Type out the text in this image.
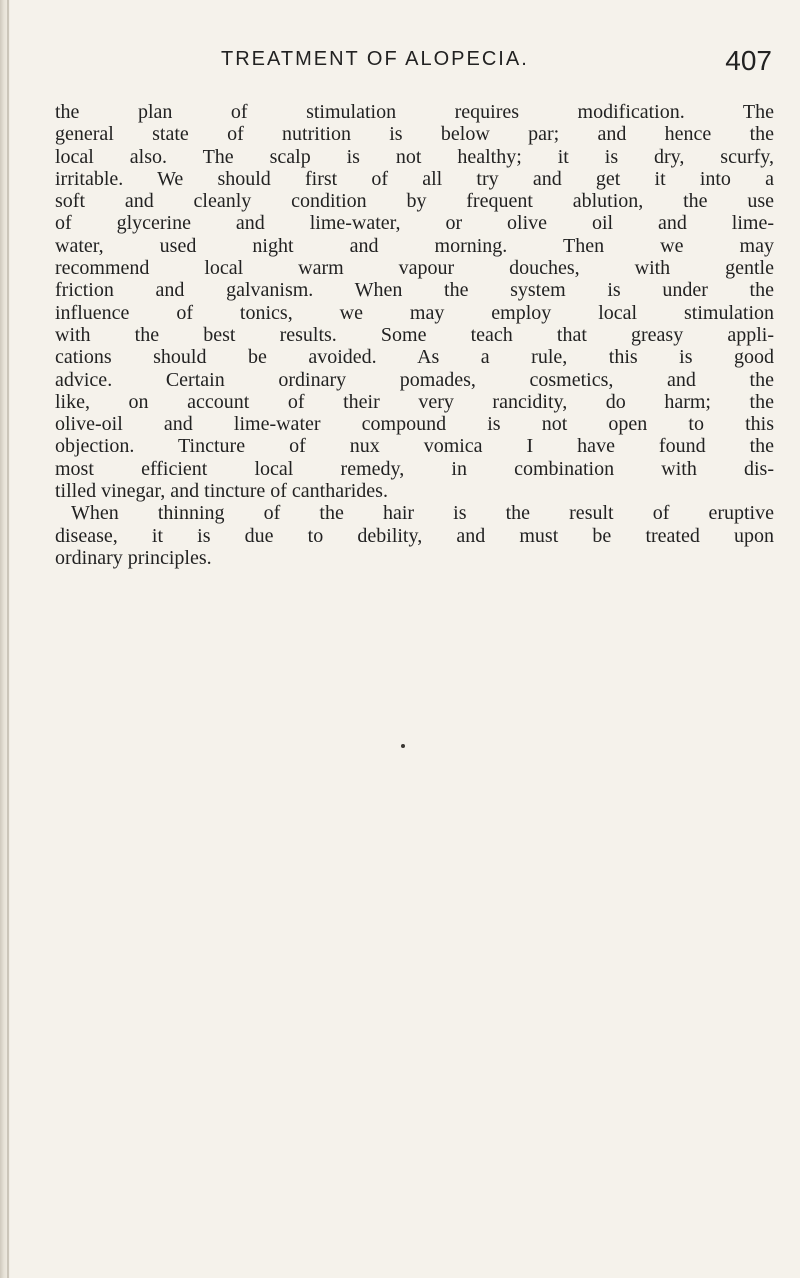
TREATMENT OF ALOPECIA.	407
the plan of stimulation requires modification. The
general state of nutrition is below par; and hence the
local also. The scalp is not healthy; it is dry, scurfy,
irritable. We should first of all try and get it into a
soft and cleanly condition by frequent ablution, the use
of glycerine and lime-water, or olive oil and lime-
water, used night and morning. Then we may
recommend local warm vapour douches, with gentle
friction and galvanism. When the system is under the
influence of tonics, we may employ local stimulation
with the best results. Some teach that greasy appli-
cations should be avoided. As a rule, this is good
advice. Certain ordinary pomades, cosmetics, and the
like, on account of their very rancidity, do harm; the
olive-oil and lime-water compound is not open to this
objection. Tincture of nux vomica I have found the
most efficient local remedy, in combination with dis-
tilled vinegar, and tincture of cantharides.
When thinning of the hair is the result of eruptive
disease, it is due to debility, and must be treated upon
ordinary principles.
